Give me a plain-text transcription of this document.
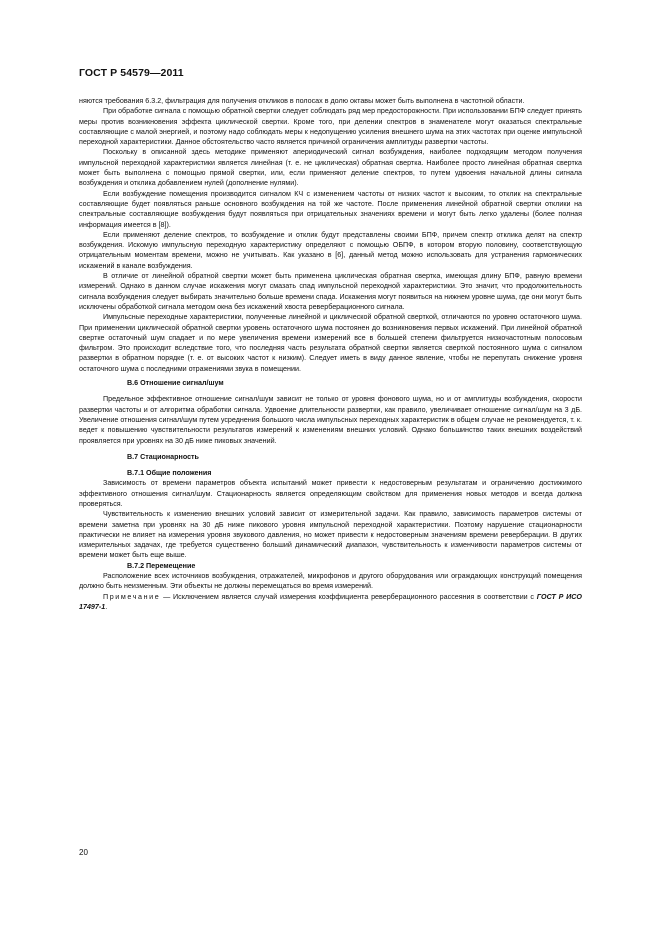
ГОСТ Р 54579—2011

няются требования 6.3.2, фильтрация для получения откликов в полосах в долю октавы может быть выполнена в частотной области.

При обработке сигнала с помощью обратной свертки следует соблюдать ряд мер предосторожности. При использовании БПФ следует принять меры против возникновения эффекта циклической свертки. Кроме того, при делении спектров в знаменателе могут оказаться спектральные составляющие с малой энергией, и поэтому надо соблюдать меры к недопущению усиления внешнего шума на этих частотах при оценке импульсной переходной характеристики. Данное обстоятельство часто является причиной ограничения амплитуды развертки частоты.

Поскольку в описанной здесь методике применяют апериодический сигнал возбуждения, наиболее подходящим методом получения импульсной переходной характеристики является линейная (т. е. не циклическая) обратная свертка. Наиболее просто линейная обратная свертка может быть выполнена с помощью прямой свертки, или, если применяют деление спектров, то путем удвоения начальной длины сигнала возбуждения и отклика добавлением нулей (дополнение нулями).

Если возбуждение помещения производится сигналом КЧ с изменением частоты от низких частот к высоким, то отклик на спектральные составляющие будет появляться раньше основного возбуждения на той же частоте. После применения линейной обратной свертки отклики на спектральные составляющие возбуждения будут появляться при отрицательных значениях времени и могут быть легко удалены (более полная информация имеется в [8]).

Если применяют деление спектров, то возбуждение и отклик будут представлены своими БПФ, причем спектр отклика делят на спектр возбуждения. Искомую импульсную переходную характеристику определяют с помощью ОБПФ, в котором вторую половину, соответствующую отрицательным моментам времени, можно не учитывать. Как указано в [6], данный метод можно использовать для устранения гармонических искажений в канале возбуждения.

В отличие от линейной обратной свертки может быть применена циклическая обратная свертка, имеющая длину БПФ, равную времени измерений. Однако в данном случае искажения могут смазать спад импульсной переходной характеристики. Это значит, что продолжительность сигнала возбуждения следует выбирать значительно больше времени спада. Искажения могут появиться на нижнем уровне шума, где они могут быть исключены обработкой сигнала методом окна без искажений хвоста реверберационного сигнала.

Импульсные переходные характеристики, полученные линейной и циклической обратной сверткой, отличаются по уровню остаточного шума. При применении циклической обратной свертки уровень остаточного шума постоянен до возникновения первых искажений. При линейной обратной свертке остаточный шум спадает и по мере увеличения времени измерений все в большей степени фильтруется низкочастотным полосовым фильтром. Это происходит вследствие того, что последняя часть результата обратной свертки является сверткой постоянного шума с сигналом развертки в обратном порядке (т. е. от высоких частот к низким). Следует иметь в виду данное явление, чтобы не перепутать снижение уровня остаточного шума с последними отражениями звука в помещении.

В.6 Отношение сигнал/шум

Предельное эффективное отношение сигнал/шум зависит не только от уровня фонового шума, но и от амплитуды возбуждения, скорости развертки частоты и от алгоритма обработки сигнала. Удвоение длительности развертки, как правило, увеличивает отношение сигнал/шум на 3 дБ. Увеличение отношения сигнал/шум путем усреднения большого числа импульсных переходных характеристик в общем случае не рекомендуется, т. к. ведет к повышению чувствительности результатов измерений к изменениям внешних условий. Однако большинство таких внешних воздействий проявляется при уровнях на 30 дБ ниже пиковых значений.

В.7 Стационарность

В.7.1 Общие положения

Зависимость от времени параметров объекта испытаний может привести к недостоверным результатам и ограничению достижимого эффективного отношения сигнал/шум. Стационарность является определяющим свойством для применения новых методов и всегда должна проверяться.

Чувствительность к изменению внешних условий зависит от измерительной задачи. Как правило, зависимость параметров системы от времени заметна при уровнях на 30 дБ ниже пикового уровня импульсной переходной характеристики. Поэтому нарушение стационарности практически не влияет на измерения уровня звукового давления, но может привести к недостоверным значениям времени реверберации. В других измерительных задачах, где требуется существенно больший динамический диапазон, чувствительность к изменчивости параметров системы от времени может быть еще выше.

В.7.2 Перемещение

Расположение всех источников возбуждения, отражателей, микрофонов и другого оборудования или ограждающих конструкций помещения должно быть неизменным. Эти объекты не должны перемещаться во время измерений.

Примечание — Исключением является случай измерения коэффициента реверберационного рассеяния в соответствии с ГОСТ Р ИСО 17497-1.

20
